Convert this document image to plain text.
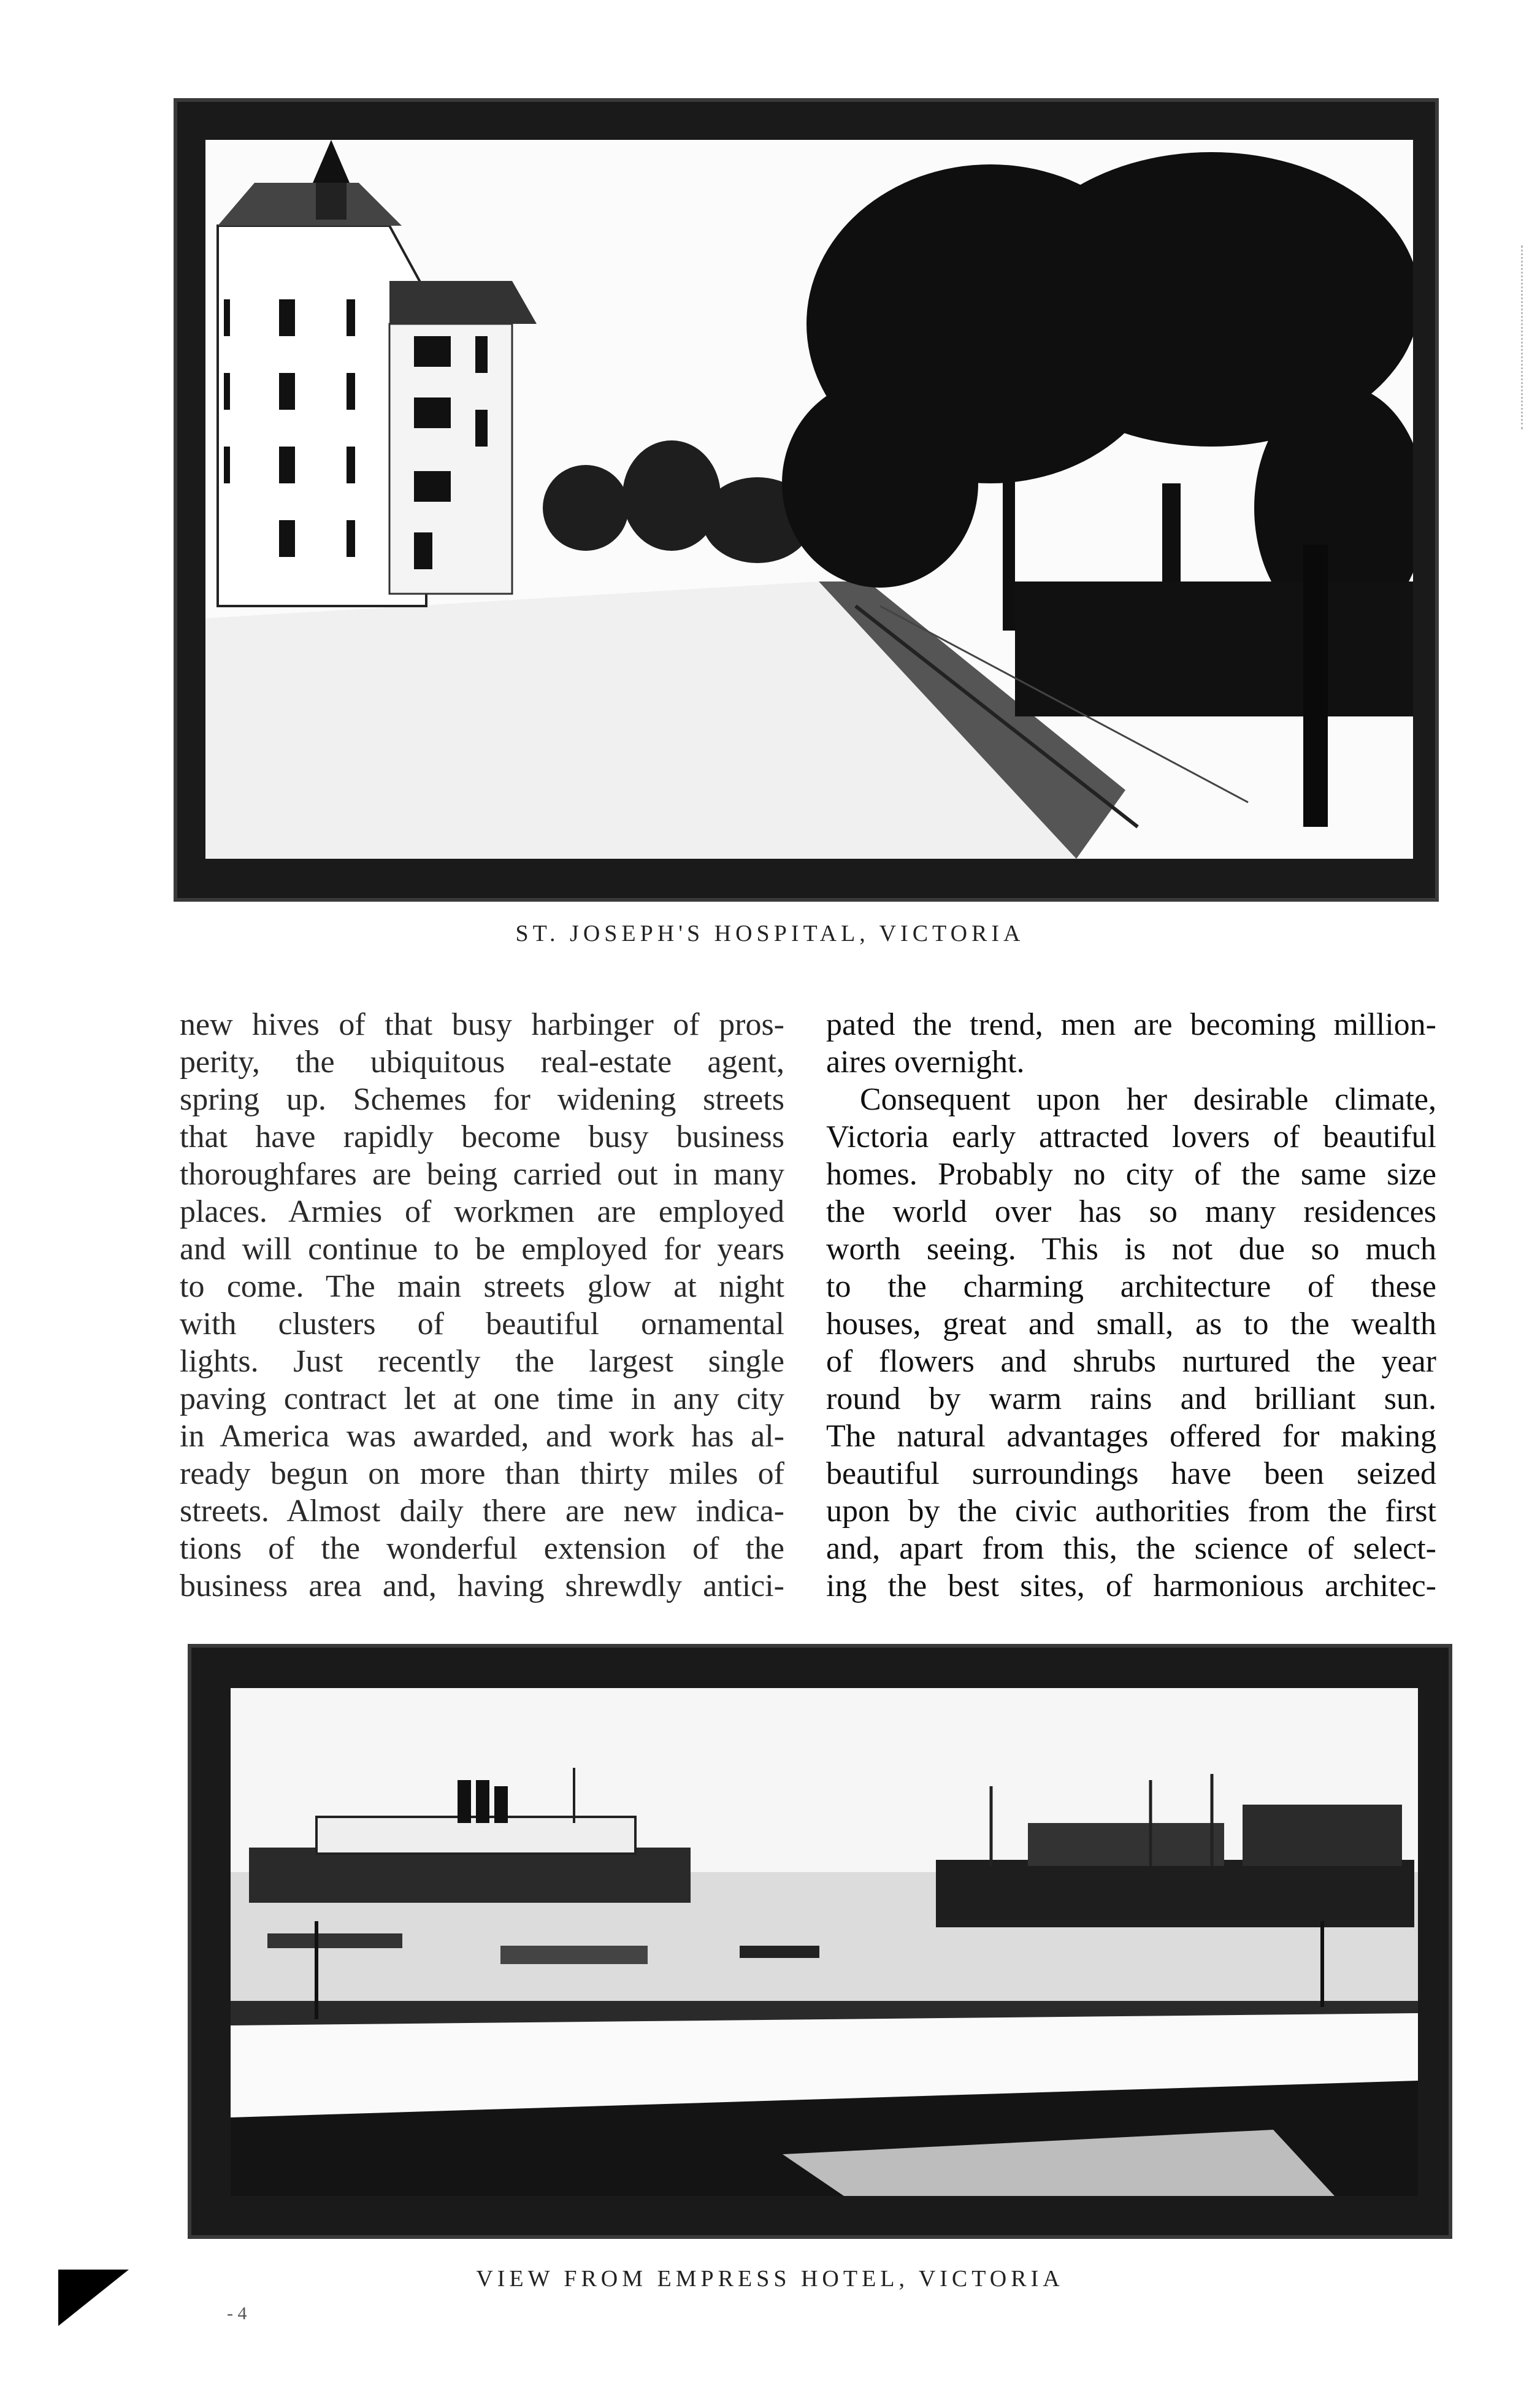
ST. JOSEPH'S HOSPITAL, VICTORIA
new hives of that busy harbinger of pros-
perity, the ubiquitous real-estate agent,
spring up. Schemes for widening streets
that have rapidly become busy business
thoroughfares are being carried out in many
places. Armies of workmen are employed
and will continue to be employed for years
to come. The main streets glow at night
with clusters of beautiful ornamental
lights. Just recently the largest single
paving contract let at one time in any city
in America was awarded, and work has al-
ready begun on more than thirty miles of
streets. Almost daily there are new indica-
tions of the wonderful extension of the
business area and, having shrewdly antici-
pated the trend, men are becoming million-
aires overnight.
Consequent upon her desirable climate,
Victoria early attracted lovers of beautiful
homes. Probably no city of the same size
the world over has so many residences
worth seeing. This is not due so much
to the charming architecture of these
houses, great and small, as to the wealth
of flowers and shrubs nurtured the year
round by warm rains and brilliant sun.
The natural advantages offered for making
beautiful surroundings have been seized
upon by the civic authorities from the first
and, apart from this, the science of select-
ing the best sites, of harmonious architec-
VIEW FROM EMPRESS HOTEL, VICTORIA
- 4
